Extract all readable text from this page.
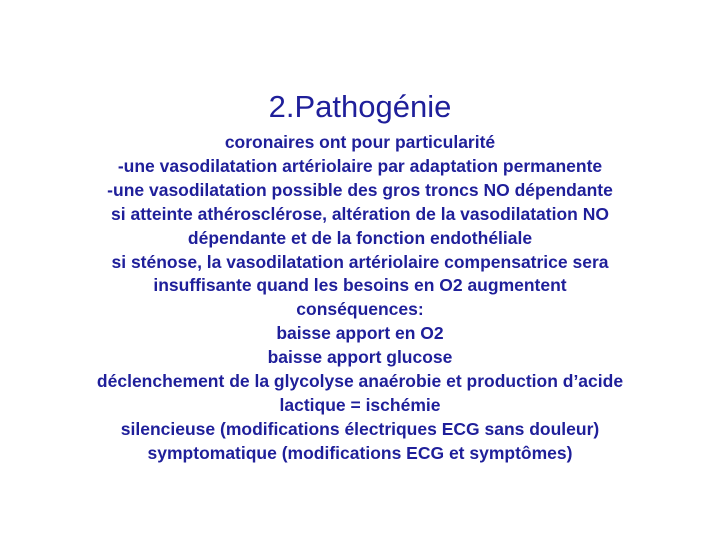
2.Pathogénie
coronaires ont pour particularité
-une vasodilatation artériolaire par adaptation permanente
-une vasodilatation possible des gros troncs NO dépendante
si atteinte athérosclérose, altération de la vasodilatation NO
dépendante et de la fonction endothéliale
si sténose, la vasodilatation artériolaire compensatrice sera
insuffisante quand les besoins en O2 augmentent
conséquences:
baisse apport en O2
baisse apport glucose
déclenchement de la glycolyse anaérobie et production d’acide
lactique = ischémie
silencieuse (modifications électriques ECG sans douleur)
symptomatique (modifications ECG et symptômes)
